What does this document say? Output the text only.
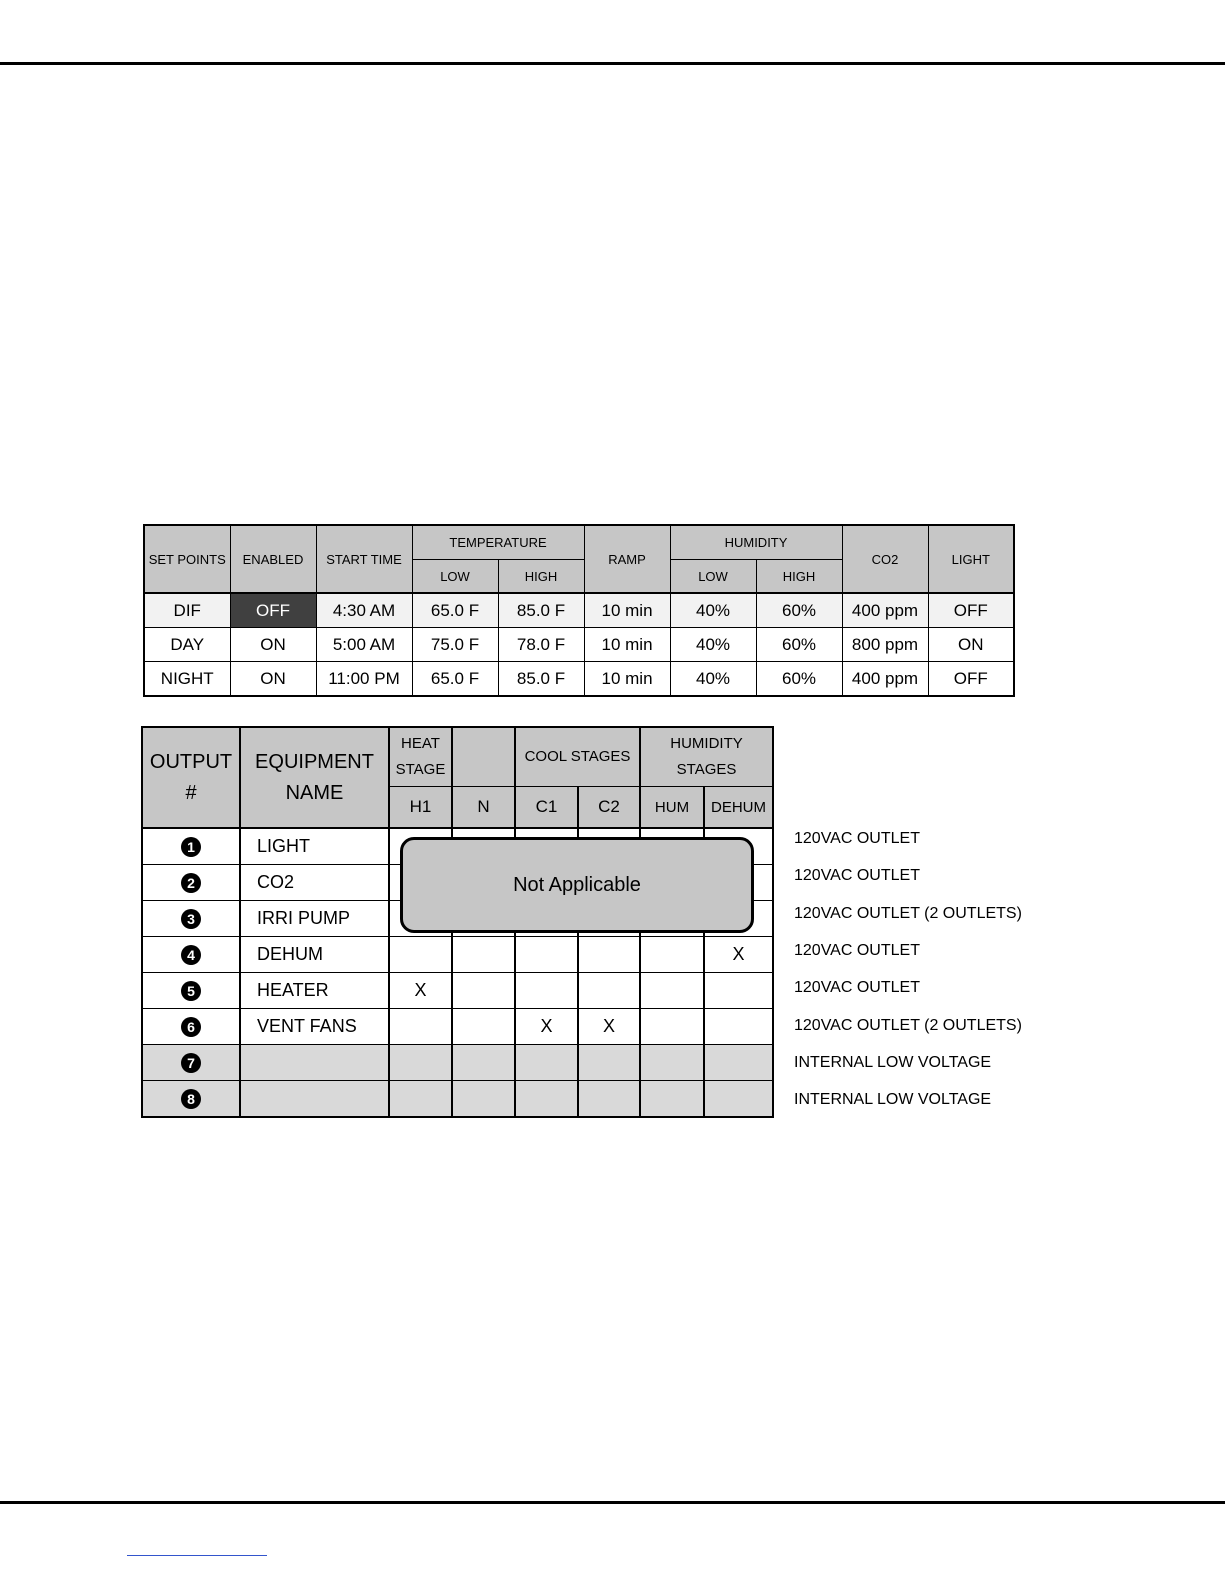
SET POINTS	ENABLED	START TIME	TEMPERATURE		RAMP	HUMIDITY		CO2	LIGHT
			LOW	HIGH		LOW	HIGH		
DIF	OFF	4:30 AM	65.0 F	85.0 F	10 min	40%	60%	400 ppm	OFF
DAY	ON	5:00 AM	75.0 F	78.0 F	10 min	40%	60%	800 ppm	ON
NIGHT	ON	11:00 PM	65.0 F	85.0 F	10 min	40%	60%	400 ppm	OFF
OUTPUT #	EQUIPMENT NAME	HEAT STAGE		COOL STAGES		HUMIDITY STAGES	
		H1	N	C1	C2	HUM	DEHUM
1	LIGHT						
2	CO2						
3	IRRI PUMP						
4	DEHUM						X
5	HEATER	X					
6	VENT FANS			X	X		
7							
8							
Not Applicable
120VAC OUTLET
120VAC OUTLET
120VAC OUTLET (2 OUTLETS)
120VAC OUTLET
120VAC OUTLET
120VAC OUTLET (2 OUTLETS)
INTERNAL LOW VOLTAGE
INTERNAL LOW VOLTAGE
